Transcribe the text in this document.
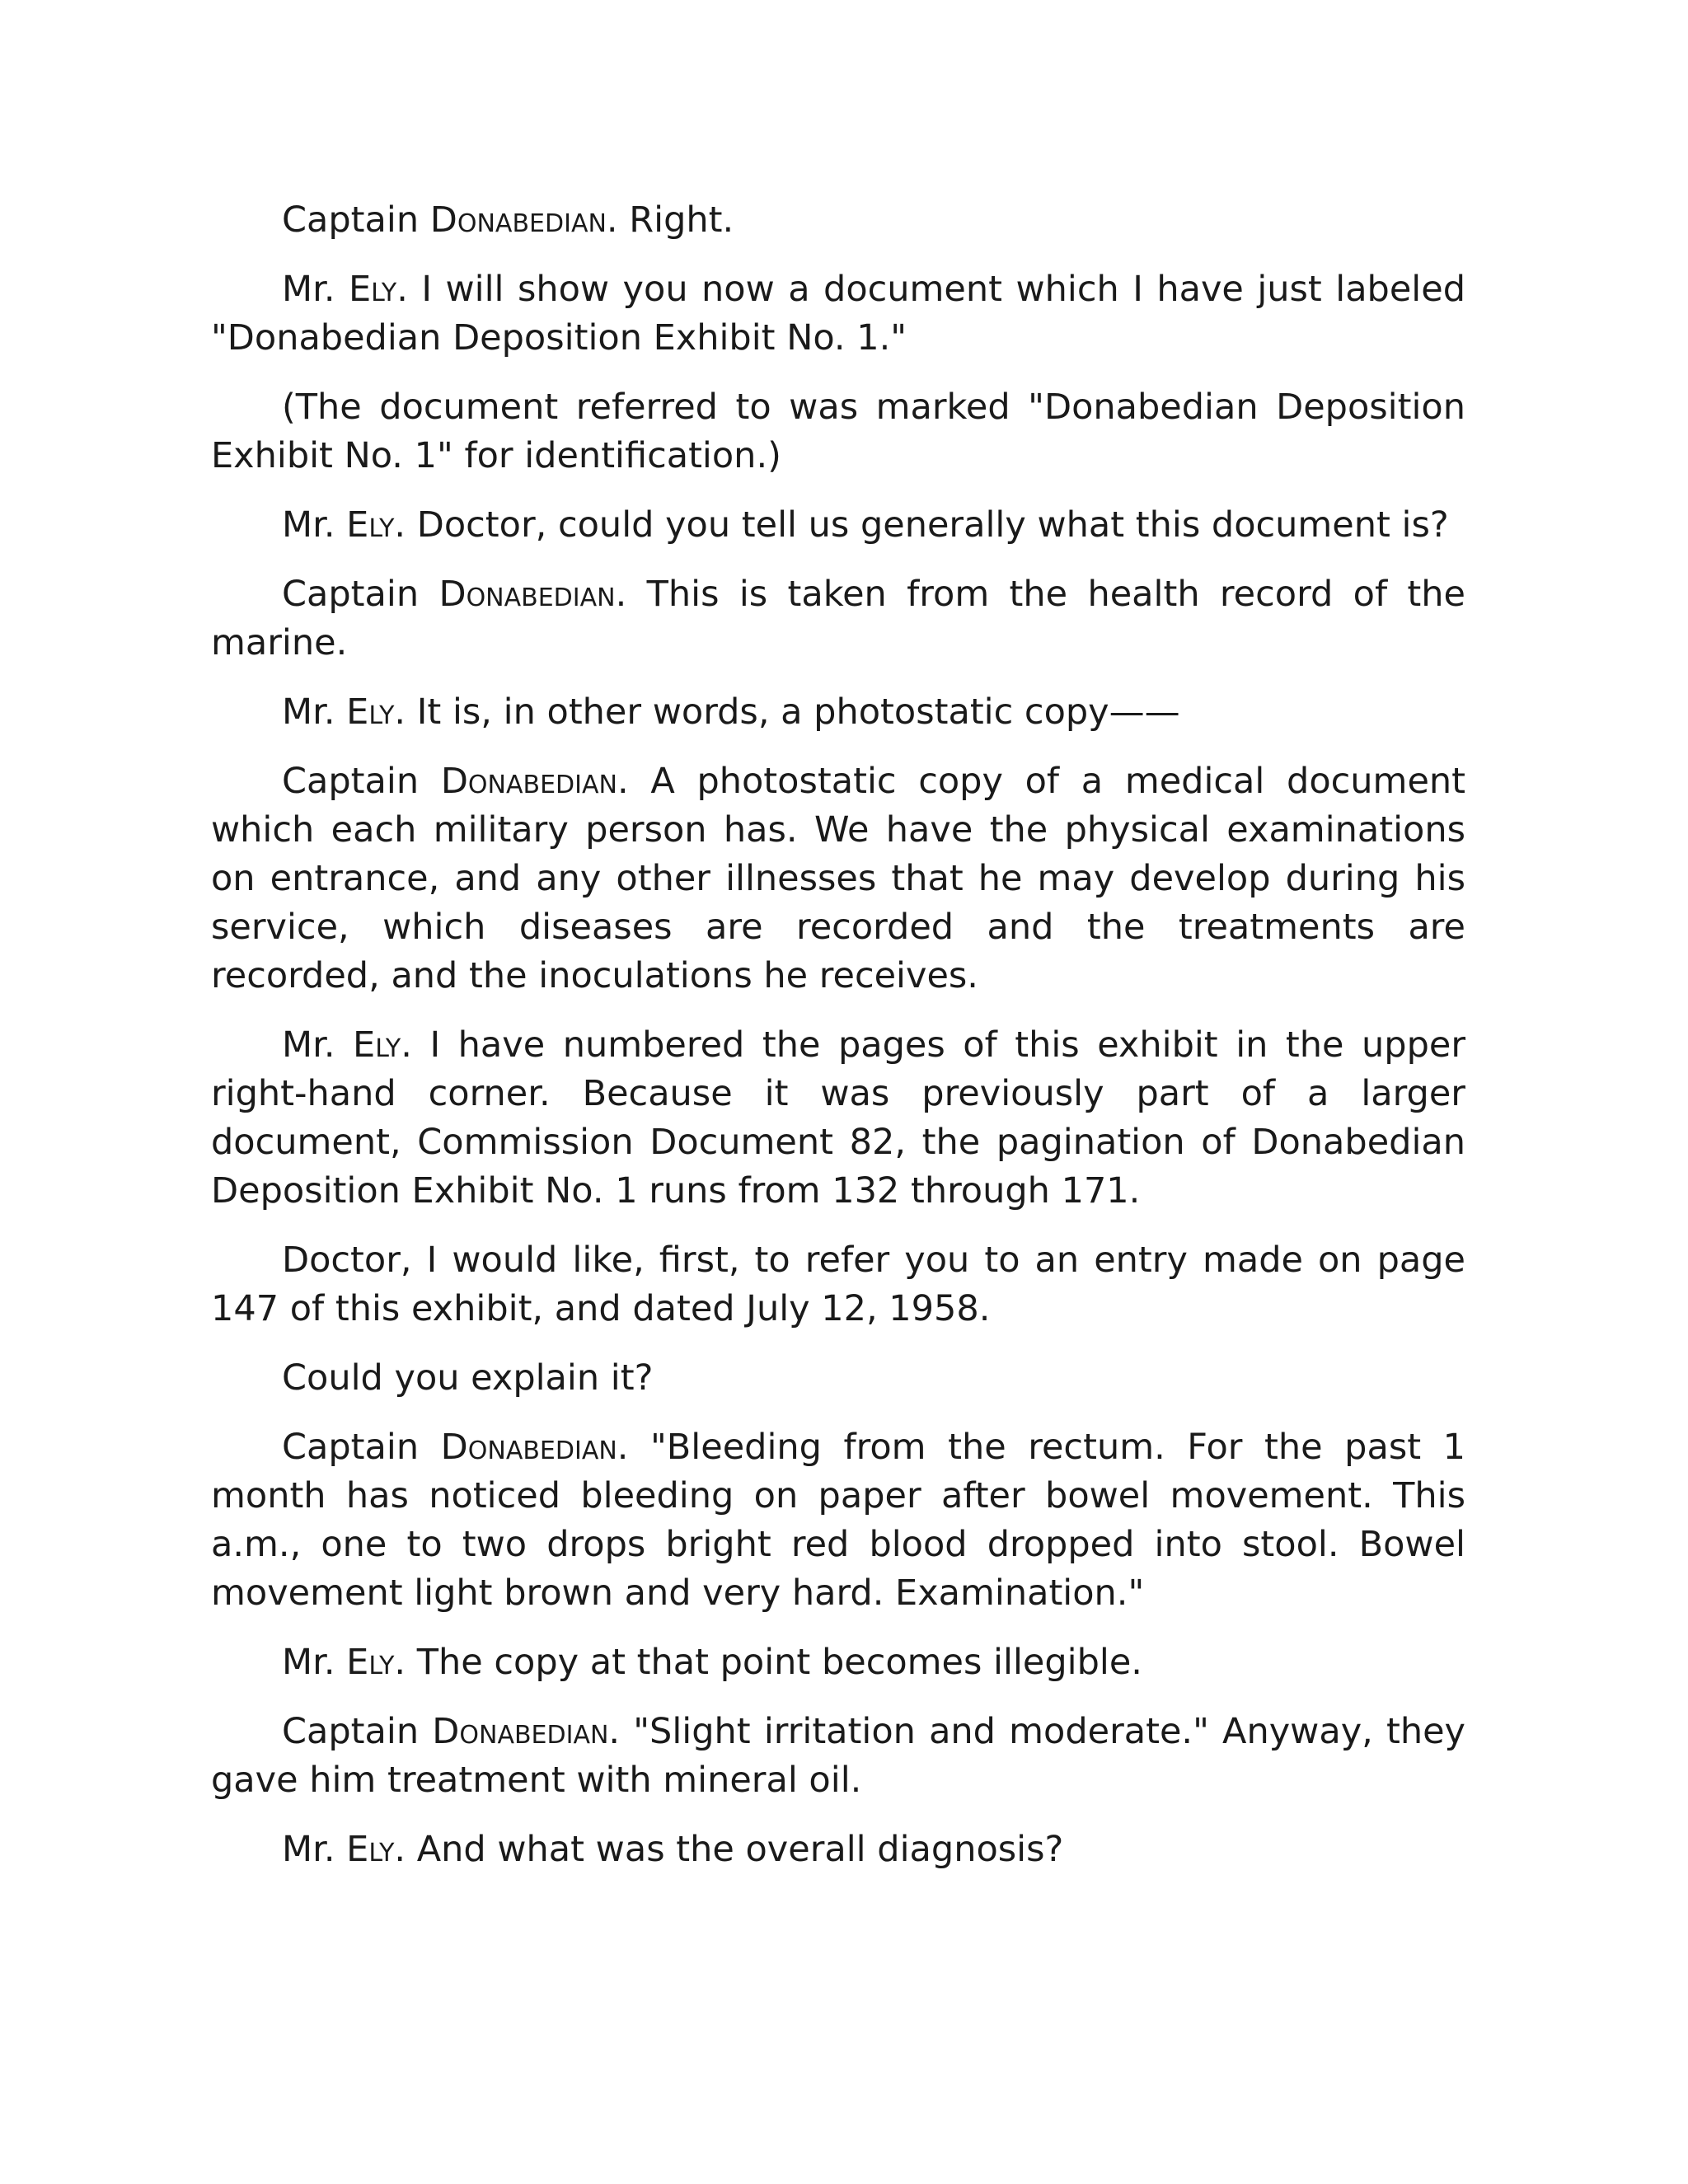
Captain Donabedian. Right.

Mr. Ely. I will show you now a document which I have just labeled "Donabedian Deposition Exhibit No. 1."

(The document referred to was marked "Donabedian Deposition Exhibit No. 1" for identification.)

Mr. Ely. Doctor, could you tell us generally what this document is?

Captain Donabedian. This is taken from the health record of the marine.

Mr. Ely. It is, in other words, a photostatic copy——

Captain Donabedian. A photostatic copy of a medical document which each military person has. We have the physical examinations on entrance, and any other illnesses that he may develop during his service, which diseases are recorded and the treatments are recorded, and the inoculations he receives.

Mr. Ely. I have numbered the pages of this exhibit in the upper right-hand corner. Because it was previously part of a larger document, Commission Document 82, the pagination of Donabedian Deposition Exhibit No. 1 runs from 132 through 171.

Doctor, I would like, first, to refer you to an entry made on page 147 of this exhibit, and dated July 12, 1958.

Could you explain it?

Captain Donabedian. "Bleeding from the rectum. For the past 1 month has noticed bleeding on paper after bowel movement. This a.m., one to two drops bright red blood dropped into stool. Bowel movement light brown and very hard. Examination."

Mr. Ely. The copy at that point becomes illegible.

Captain Donabedian. "Slight irritation and moderate." Anyway, they gave him treatment with mineral oil.

Mr. Ely. And what was the overall diagnosis?
